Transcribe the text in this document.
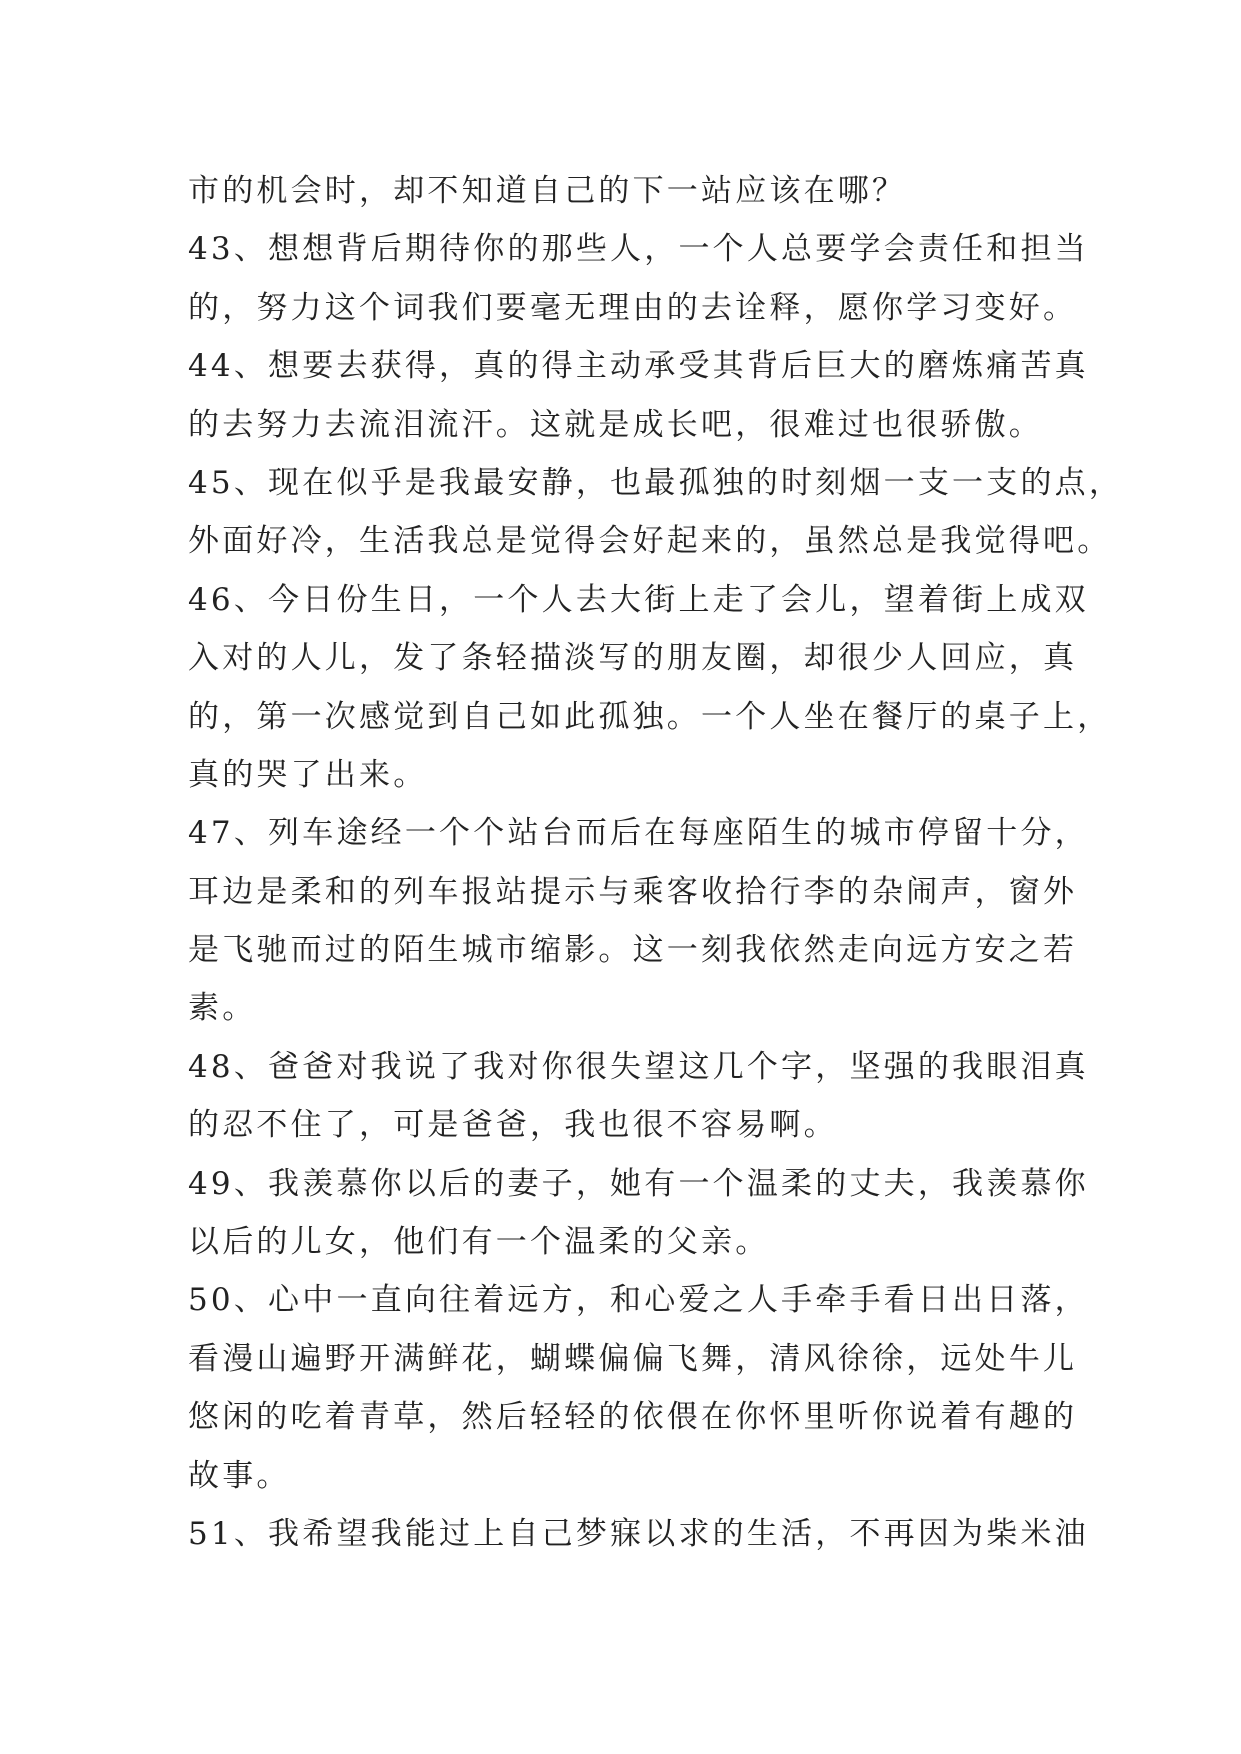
市的机会时，却不知道自己的下一站应该在哪？
43、想想背后期待你的那些人，一个人总要学会责任和担当
的，努力这个词我们要毫无理由的去诠释，愿你学习变好。
44、想要去获得，真的得主动承受其背后巨大的磨炼痛苦真
的去努力去流泪流汗。这就是成长吧，很难过也很骄傲。
45、现在似乎是我最安静，也最孤独的时刻烟一支一支的点，
外面好冷，生活我总是觉得会好起来的，虽然总是我觉得吧。
46、今日份生日，一个人去大街上走了会儿，望着街上成双
入对的人儿，发了条轻描淡写的朋友圈，却很少人回应，真
的，第一次感觉到自己如此孤独。一个人坐在餐厅的桌子上，
真的哭了出来。
47、列车途经一个个站台而后在每座陌生的城市停留十分，
耳边是柔和的列车报站提示与乘客收拾行李的杂闹声，窗外
是飞驰而过的陌生城市缩影。这一刻我依然走向远方安之若
素。
48、爸爸对我说了我对你很失望这几个字，坚强的我眼泪真
的忍不住了，可是爸爸，我也很不容易啊。
49、我羡慕你以后的妻子，她有一个温柔的丈夫，我羡慕你
以后的儿女，他们有一个温柔的父亲。
50、心中一直向往着远方，和心爱之人手牵手看日出日落，
看漫山遍野开满鲜花，蝴蝶偏偏飞舞，清风徐徐，远处牛儿
悠闲的吃着青草，然后轻轻的依偎在你怀里听你说着有趣的
故事。
51、我希望我能过上自己梦寐以求的生活，不再因为柴米油
